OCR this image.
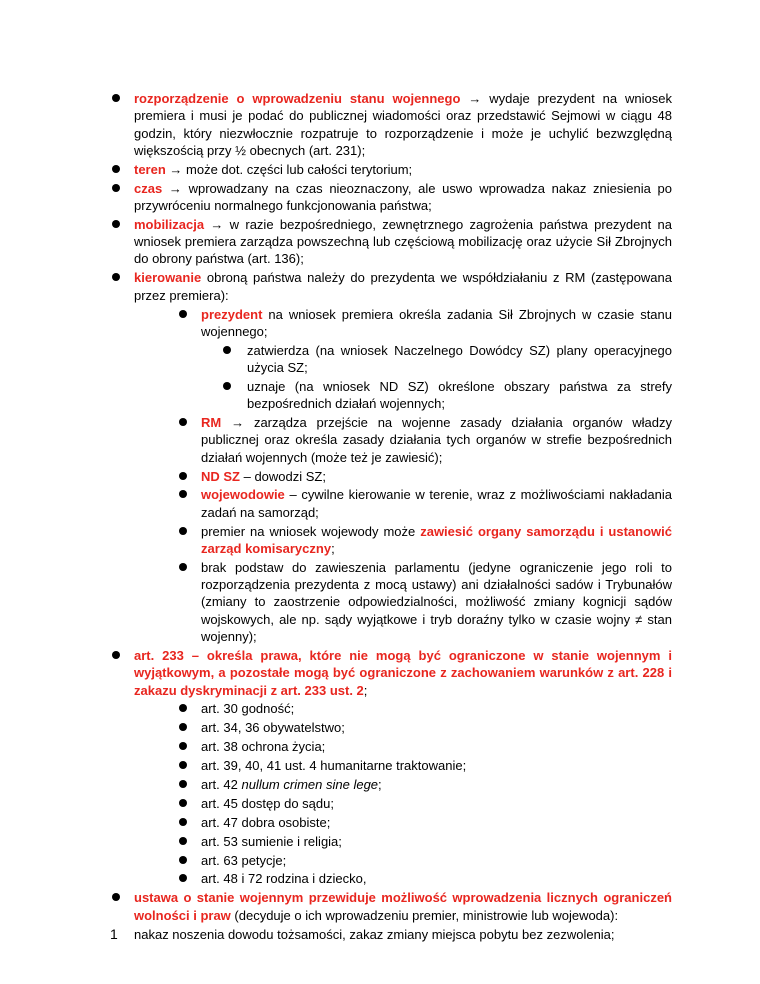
rozporządzenie o wprowadzeniu stanu wojennego → wydaje prezydent na wniosek premiera i musi je podać do publicznej wiadomości oraz przedstawić Sejmowi w ciągu 48 godzin, który niezwłocznie rozpatruje to rozporządzenie i może je uchylić bezwzględną większością przy ½ obecnych (art. 231);
teren → może dot. części lub całości terytorium;
czas → wprowadzany na czas nieoznaczony, ale uswo wprowadza nakaz zniesienia po przywróceniu normalnego funkcjonowania państwa;
mobilizacja → w razie bezpośredniego, zewnętrznego zagrożenia państwa prezydent na wniosek premiera zarządza powszechną lub częściową mobilizację oraz użycie Sił Zbrojnych do obrony państwa (art. 136);
kierowanie obroną państwa należy do prezydenta we współdziałaniu z RM (zastępowana przez premiera):
prezydent na wniosek premiera określa zadania Sił Zbrojnych w czasie stanu wojennego;
zatwierdza (na wniosek Naczelnego Dowódcy SZ) plany operacyjnego użycia SZ;
uznaje (na wniosek ND SZ) określone obszary państwa za strefy bezpośrednich działań wojennych;
RM → zarządza przejście na wojenne zasady działania organów władzy publicznej oraz określa zasady działania tych organów w strefie bezpośrednich działań wojennych (może też je zawiesić);
ND SZ – dowodzi SZ;
wojewodowie – cywilne kierowanie w terenie, wraz z możliwościami nakładania zadań na samorząd;
premier na wniosek wojewody może zawiesić organy samorządu i ustanowić zarząd komisaryczny;
brak podstaw do zawieszenia parlamentu (jedyne ograniczenie jego roli to rozporządzenia prezydenta z mocą ustawy) ani działalności sadów i Trybunałów (zmiany to zaostrzenie odpowiedzialności, możliwość zmiany kognicji sądów wojskowych, ale np. sądy wyjątkowe i tryb doraźny tylko w czasie wojny ≠ stan wojenny);
art. 233 – określa prawa, które nie mogą być ograniczone w stanie wojennym i wyjątkowym, a pozostałe mogą być ograniczone z zachowaniem warunków z art. 228 i zakazu dyskryminacji z art. 233 ust. 2;
art. 30 godność;
art. 34, 36 obywatelstwo;
art. 38 ochrona życia;
art. 39, 40, 41 ust. 4 humanitarne traktowanie;
art. 42 nullum crimen sine lege;
art. 45 dostęp do sądu;
art. 47 dobra osobiste;
art. 53 sumienie i religia;
art. 63 petycje;
art. 48 i 72 rodzina i dziecko,
ustawa o stanie wojennym przewiduje możliwość wprowadzenia licznych ograniczeń wolności i praw (decyduje o ich wprowadzeniu premier, ministrowie lub wojewoda):
1 nakaz noszenia dowodu tożsamości, zakaz zmiany miejsca pobytu bez zezwolenia;
